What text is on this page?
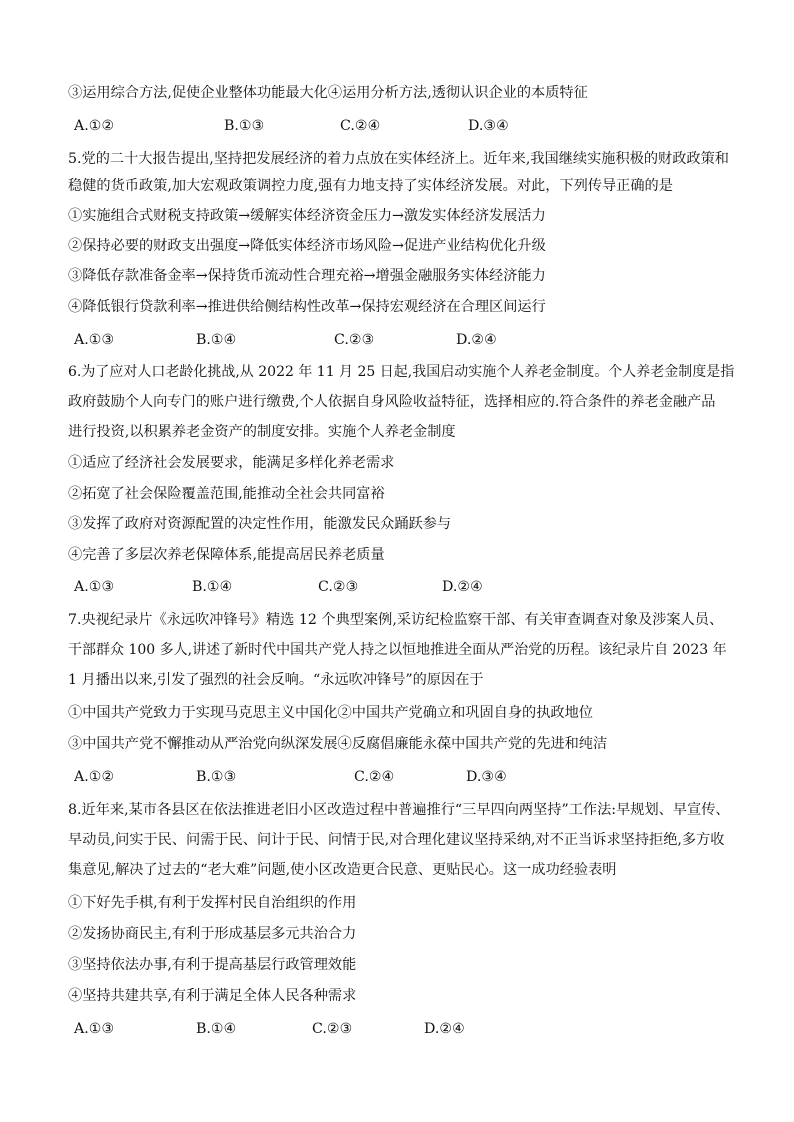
③运用综合方法,促使企业整体功能最大化④运用分析方法,透彻认识企业的本质特征
A.①②	B.①③	C.②④	D.③④
5.党的二十大报告提出,坚持把发展经济的着力点放在实体经济上。近年来,我国继续实施积极的财政政策和
稳健的货币政策,加大宏观政策调控力度,强有力地支持了实体经济发展。对此，下列传导正确的是
①实施组合式财税支持政策→缓解实体经济资金压力→激发实体经济发展活力
②保持必要的财政支出强度→降低实体经济市场风险→促进产业结构优化升级
③降低存款准备金率→保持货币流动性合理充裕→增强金融服务实体经济能力
④降低银行贷款利率→推进供给侧结构性改革→保持宏观经济在合理区间运行
A.①③	B.①④	C.②③	D.②④
6.为了应对人口老龄化挑战,从 2022 年 11 月 25 日起,我国启动实施个人养老金制度。个人养老金制度是指
政府鼓励个人向专门的账户进行缴费,个人依据自身风险收益特征，选择相应的.符合条件的养老金融产品
进行投资,以积累养老金资产的制度安排。实施个人养老金制度
①适应了经济社会发展要求，能满足多样化养老需求
②拓宽了社会保险覆盖范围,能推动全社会共同富裕
③发挥了政府对资源配置的决定性作用，能激发民众踊跃参与
④完善了多层次养老保障体系,能提高居民养老质量
A.①③	B.①④	C.②③	D.②④
7.央视纪录片《永远吹冲锋号》精选 12 个典型案例,采访纪检监察干部、有关审查调查对象及涉案人员、
干部群众 100 多人,讲述了新时代中国共产党人持之以恒地推进全面从严治党的历程。该纪录片自 2023 年
1 月播出以来,引发了强烈的社会反响。“永远吹冲锋号”的原因在于
①中国共产党致力于实现马克思主义中国化②中国共产党确立和巩固自身的执政地位
③中国共产党不懈推动从严治党向纵深发展④反腐倡廉能永葆中国共产党的先进和纯洁
A.①②	B.①③	C.②④	D.③④
8.近年来,某市各县区在依法推进老旧小区改造过程中普遍推行“三早四向两坚持”工作法:早规划、早宣传、
早动员,问实于民、问需于民、问计于民、问情于民,对合理化建议坚持采纳,对不正当诉求坚持拒绝,多方收
集意见,解决了过去的“老大难”问题,使小区改造更合民意、更贴民心。这一成功经验表明
①下好先手棋,有利于发挥村民自治组织的作用
②发扬协商民主,有利于形成基层多元共治合力
③坚持依法办事,有利于提高基层行政管理效能
④坚持共建共享,有利于满足全体人民各种需求
A.①③	B.①④	C.②③	D.②④
